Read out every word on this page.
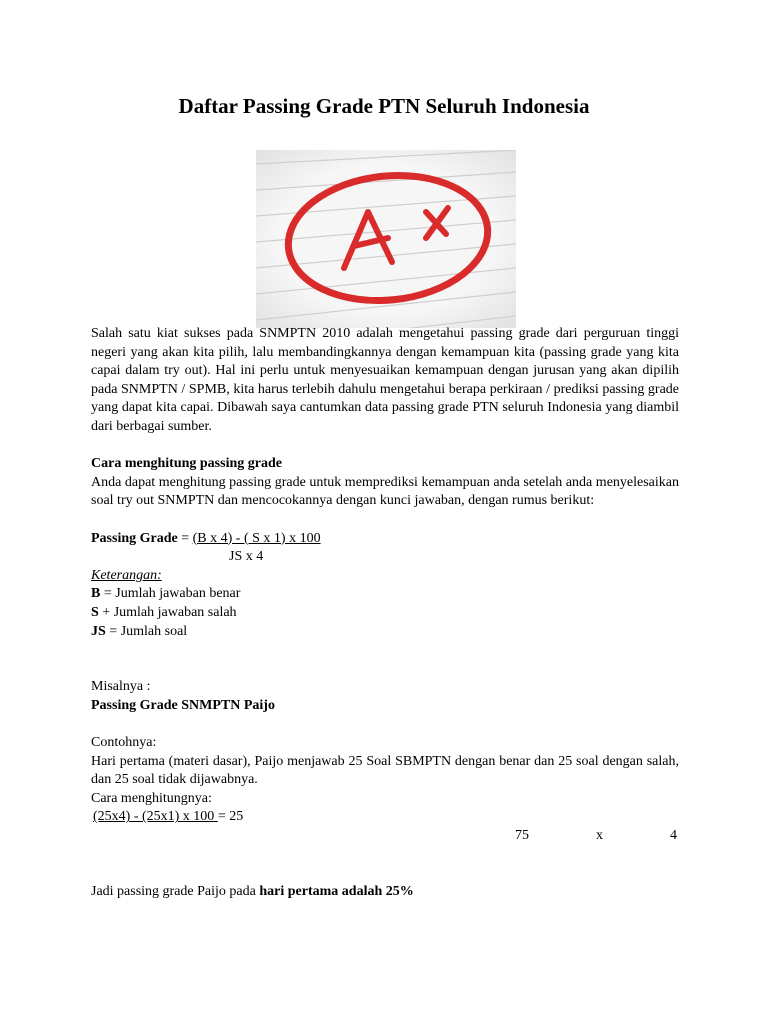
Daftar Passing Grade PTN Seluruh Indonesia

Salah satu kiat sukses pada SNMPTN 2010 adalah mengetahui passing grade dari perguruan tinggi negeri yang akan kita pilih, lalu membandingkannya dengan kemampuan kita (passing grade yang kita capai dalam try out). Hal ini perlu untuk menyesuaikan kemampuan dengan jurusan yang akan dipilih pada SNMPTN / SPMB, kita harus terlebih dahulu mengetahui berapa perkiraan / prediksi passing grade yang dapat kita capai. Dibawah saya cantumkan data passing grade PTN seluruh Indonesia yang diambil dari berbagai sumber.

Cara menghitung passing grade

Anda dapat menghitung passing grade untuk memprediksi kemampuan anda setelah anda menyelesaikan soal try out SNMPTN dan mencocokannya dengan kunci jawaban, dengan rumus berikut:

Passing Grade = (B x 4) - ( S x 1) x 100

JS x 4

Keterangan:

B = Jumlah jawaban benar

S + Jumlah jawaban salah

JS = Jumlah soal

Misalnya :

Passing Grade SNMPTN Paijo

Contohnya:

Hari pertama (materi dasar), Paijo menjawab 25 Soal SBMPTN dengan benar dan 25 soal dengan salah, dan 25 soal tidak dijawabnya.

Cara menghitungnya:

(25x4) - (25x1) x 100 = 25

75	x	4

Jadi passing grade Paijo pada hari pertama adalah 25%
